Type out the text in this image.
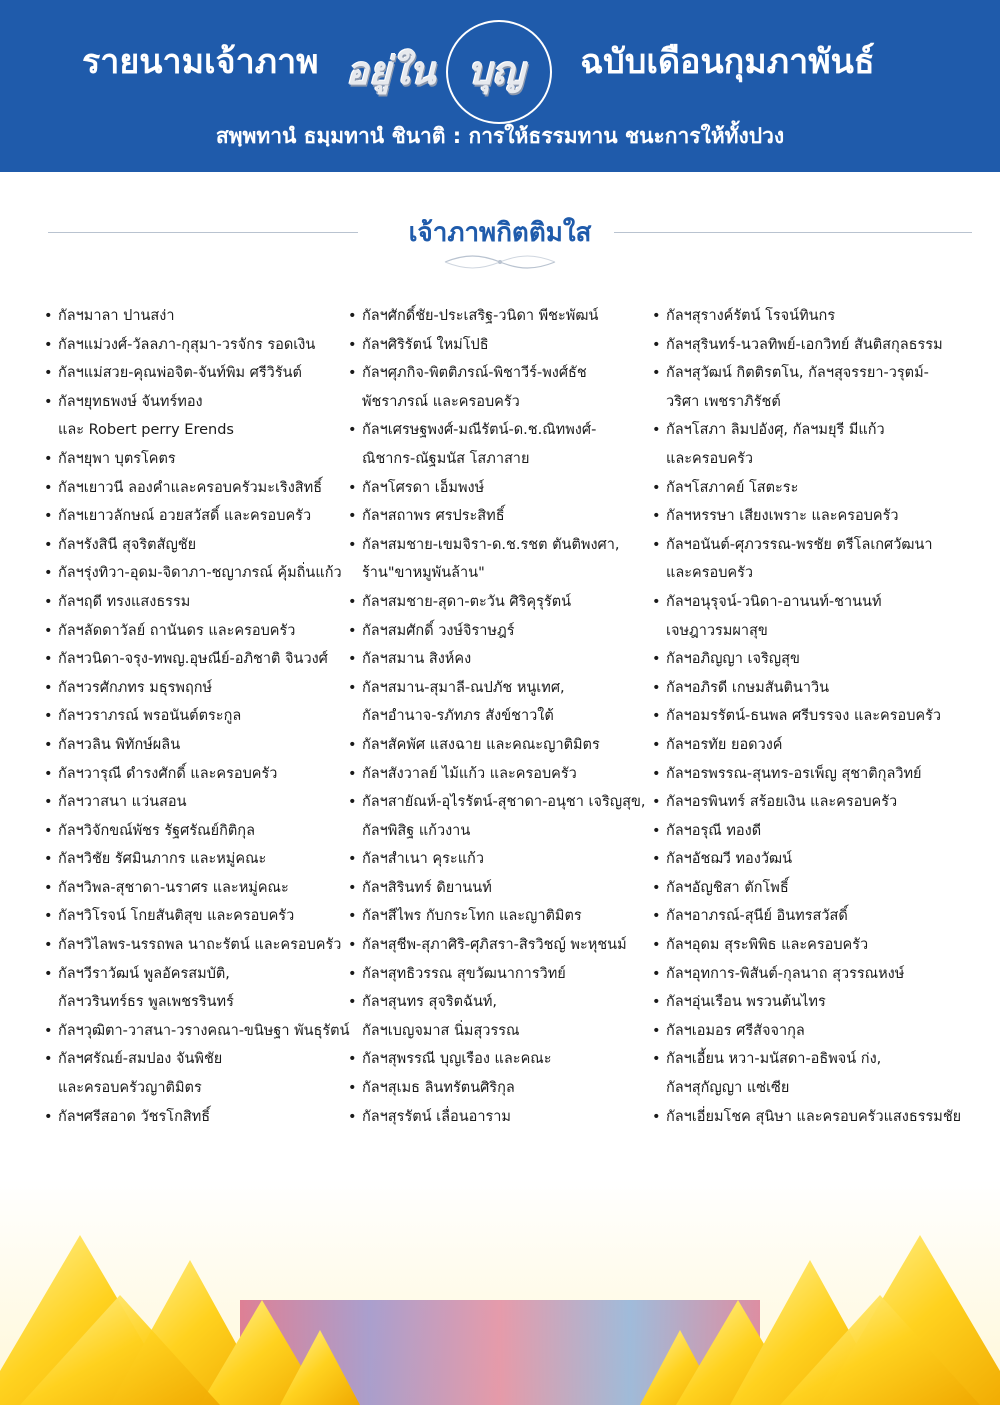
รายนามเจ้าภาพ อยู่ใน บุญ ฉบับเดือนกุมภาพันธ์
สพฺพทานํ ธมฺมทานํ ชินาติ : การให้ธรรมทาน ชนะการให้ทั้งปวง
เจ้าภาพกิตติมใส
• กัลฯมาลา ปานสง่า
• กัลฯแม่วงศ์-วัลลภา-กุสุมา-วรจักร รอดเงิน
• กัลฯแม่สวย-คุณพ่อจิต-จันท์พิม ศรีวิรันต์
• กัลฯยุทธพงษ์ จันทร์ทอง
และ Robert perry Erends
• กัลฯยุพา บุตรโคตร
• กัลฯเยาวนี ลองคำและครอบครัวมะเริงสิทธิ์
• กัลฯเยาวลักษณ์ อวยสวัสดิ์ และครอบครัว
• กัลฯรังสินี สุจริตสัญชัย
• กัลฯรุ่งทิวา-อุดม-จิดาภา-ชญาภรณ์ คุ้มถิ่นแก้ว
• กัลฯฤดี ทรงแสงธรรม
• กัลฯลัดดาวัลย์ ถานันดร และครอบครัว
• กัลฯวนิดา-จรุง-ทพญ.อุษณีย์-อภิชาติ จินวงศ์
• กัลฯวรศักภทร มธุรพฤกษ์
• กัลฯวราภรณ์ พรอนันต์ตระกูล
• กัลฯวลิน พิทักษ์ผลิน
• กัลฯวารุณี ดำรงศักดิ์ และครอบครัว
• กัลฯวาสนา แว่นสอน
• กัลฯวิจักขณ์พัชร รัฐศรัณย์กิติกุล
• กัลฯวิชัย รัศมินภากร และหมู่คณะ
• กัลฯวิพล-สุชาดา-นราศร และหมู่คณะ
• กัลฯวิโรจน์ โกยสันติสุข และครอบครัว
• กัลฯวิไลพร-นรรถพล นาถะรัตน์ และครอบครัว
• กัลฯวีราวัฒน์ พูลอัครสมบัติ,
กัลฯวรินทร์ธร พูลเพชรรินทร์
• กัลฯวุฒิตา-วาสนา-วรางคณา-ขนิษฐา พันธุรัตน์
• กัลฯศรัณย์-สมปอง จันพิชัย
และครอบครัวญาติมิตร
• กัลฯศรีสอาด วัชรโกสิทธิ์
• กัลฯศักดิ์ชัย-ประเสริฐ-วนิดา พีชะพัฒน์
• กัลฯศิริรัตน์ ใหม่โปธิ
• กัลฯศุภกิจ-พิตติภรณ์-พิชาวีร์-พงศ์ธัช
พัชราภรณ์ และครอบครัว
• กัลฯเศรษฐพงศ์-มณีรัตน์-ด.ช.ณิทพงศ์-
ณิชากร-ณัฐมนัส โสภาสาย
• กัลฯโศรดา เอ็มพงษ์
• กัลฯสถาพร ศรประสิทธิ์
• กัลฯสมชาย-เขมจิรา-ด.ช.รชต ตันติพงศา,
ร้าน"ขาหมูพันล้าน"
• กัลฯสมชาย-สุดา-ตะวัน ศิริคุรุรัตน์
• กัลฯสมศักดิ์ วงษ์จิราษฎร์
• กัลฯสมาน สิงห์คง
• กัลฯสมาน-สุมาลี-ณปภัช หนูเทศ,
กัลฯอำนาจ-รภัทภร สังข์ชาวใต้
• กัลฯสัคพัศ แสงฉาย และคณะญาติมิตร
• กัลฯสังวาลย์ ไม้แก้ว และครอบครัว
• กัลฯสายัณห์-อุไรรัตน์-สุชาดา-อนุชา เจริญสุข,
กัลฯพิสิฐ แก้วงาน
• กัลฯสำเนา คุระแก้ว
• กัลฯสิรินทร์ ดิยานนท์
• กัลฯสีไพร กับกระโทก และญาติมิตร
• กัลฯสุชีพ-สุภาศิริ-ศุภิสรา-สิรวิชญ์ พะหุชนม์
• กัลฯสุทธิวรรณ สุขวัฒนาการวิทย์
• กัลฯสุนทร สุจริตฉันท์,
กัลฯเบญจมาส นิ่มสุวรรณ
• กัลฯสุพรรณี บุญเรือง และคณะ
• กัลฯสุเมธ ลินทรัตนศิริกุล
• กัลฯสุรรัตน์ เลื่อนอาราม
• กัลฯสุรางค์รัตน์ โรจน์ทินกร
• กัลฯสุรินทร์-นวลทิพย์-เอกวิทย์ สันติสกุลธรรม
• กัลฯสุวัฒน์ กิตติรตโน, กัลฯสุจรรยา-วรุตม์-
วริศา เพชราภิรัชต์
• กัลฯโสภา ลิมปอังศุ, กัลฯมยุรี มีแก้ว
และครอบครัว
• กัลฯโสภาคย์ โสตะระ
• กัลฯหรรษา เสียงเพราะ และครอบครัว
• กัลฯอนันต์-ศุภวรรณ-พรชัย ตรีโลเกศวัฒนา
และครอบครัว
• กัลฯอนุรุจน์-วนิดา-อานนท์-ชานนท์
เจษฎาวรมผาสุข
• กัลฯอภิญญา เจริญสุข
• กัลฯอภิรดี เกษมสันตินาวิน
• กัลฯอมรรัตน์-ธนพล ศรีบรรจง และครอบครัว
• กัลฯอรทัย ยอดวงค์
• กัลฯอรพรรณ-สุนทร-อรเพ็ญ สุชาติกุลวิทย์
• กัลฯอรพินทร์ สร้อยเงิน และครอบครัว
• กัลฯอรุณี ทองดี
• กัลฯอัชฌวี ทองวัฒน์
• กัลฯอัญชิสา ตักโพธิ์
• กัลฯอาภรณ์-สุนีย์ อินทรสวัสดิ์
• กัลฯอุดม สุระพิพิธ และครอบครัว
• กัลฯอุทการ-พิสันต์-กุลนาถ สุวรรณหงษ์
• กัลฯอุ่นเรือน พรวนต้นไทร
• กัลฯเอมอร ศรีสัจจากุล
• กัลฯเอี้ยน หวา-มนัสดา-อธิพจน์ ก่ง,
กัลฯสุกัญญา แซ่เซีย
• กัลฯเอี่ยมโชค สุนิษา และครอบครัวแสงธรรมชัย
